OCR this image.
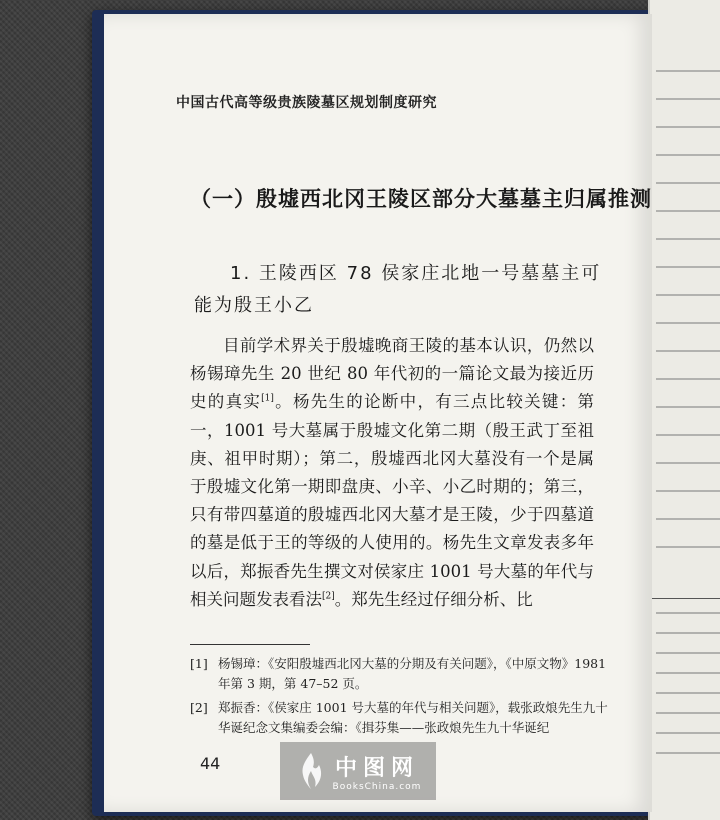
中国古代高等级贵族陵墓区规划制度研究
（一）殷墟西北冈王陵区部分大墓墓主归属推测
1. 王陵西区 78 侯家庄北地一号墓墓主可能为殷王小乙

目前学术界关于殷墟晚商王陵的基本认识，仍然以杨锡璋先生 20 世纪 80 年代初的一篇论文最为接近历史的真实[1]。杨先生的论断中，有三点比较关键：第一，1001 号大墓属于殷墟文化第二期（殷王武丁至祖庚、祖甲时期）；第二，殷墟西北冈大墓没有一个是属于殷墟文化第一期即盘庚、小辛、小乙时期的；第三，只有带四墓道的殷墟西北冈大墓才是王陵，少于四墓道的墓是低于王的等级的人使用的。杨先生文章发表多年以后，郑振香先生撰文对侯家庄 1001 号大墓的年代与相关问题发表看法[2]。郑先生经过仔细分析、比

[1] 杨锡璋：《安阳殷墟西北冈大墓的分期及有关问题》，《中原文物》1981 年第 3 期，第 47–52 页。
[2] 郑振香：《侯家庄 1001 号大墓的年代与相关问题》，载张政烺先生九十华诞纪念文集编委会编：《揖芬集——张政烺先生九十华诞纪
44	中图网
BooksChina.com
